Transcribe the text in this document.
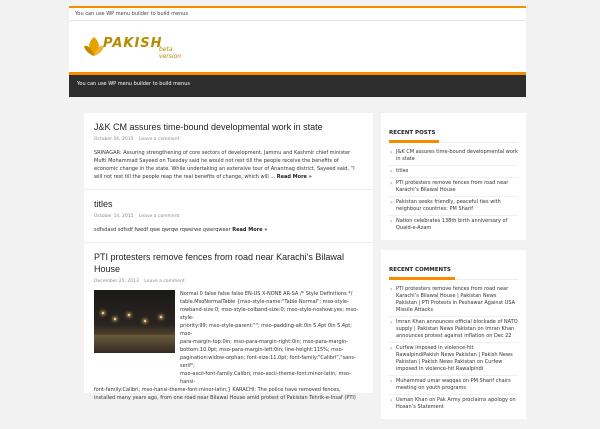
You can use WP menu builder to build menus
PAKISH
beta version
You can use WP menu builder to build menus
J&K CM assures time-bound developmental work in state
October 16, 2015 Leave a comment
SRINAGAR: Assuring strengthening of core sectors of development, Jammu and Kashmir chief minister Mufti Mohammad Sayeed on Tuesday said he would not rest till the people receive the benefits of economic change in the state. While undertaking an extensive tour of Anantnag district, Sayeed said, “I will not rest till the people reap the real benefits of change, which will ... Read More »
titles
October 14, 2015 Leave a comment
sdfsdasd sdfsdf fwedf qwe qwrqw rqwerwe qwerqweer Read More »
PTI protesters remove fences from road near Karachi’s Bilawal House
December 25, 2013 Leave a comment
Normal 0 false false false EN-US X-NONE AR-SA /* Style Definitions */
table.MsoNormalTable {mso-style-name:"Table Normal"; mso-style-
rowband-size:0; mso-style-colband-size:0; mso-style-noshow:yes; mso-style-
priority:99; mso-style-parent:""; mso-padding-alt:0in 5.4pt 0in 5.4pt; mso-
para-margin-top:0in; mso-para-margin-right:0in; mso-para-margin-
bottom:10.0pt; mso-para-margin-left:0in; line-height:115%; mso-
pagination:widow-orphan; font-size:11.0pt; font-family:"Calibri","sans-serif";
mso-ascii-font-family:Calibri; mso-ascii-theme-font:minor-latin; mso-hansi-
font-family:Calibri; mso-hansi-theme-font:minor-latin;} KARACHI: The police have removed fences,
installed many years ago, from one road near Bilawal House amid protest of Pakistan Tehrik-e-Insaf (PTI)
RECENT POSTS
› J&K CM assures time-bound developmental work in state
› titles
› PTI protesters remove fences from road near Karachi’s Bilawal House
› Pakistan seeks friendly, peaceful ties with neighbour countries: PM Sharif
› Nation celebrates 138th birth anniversary of Quaid-e-Azam
RECENT COMMENTS
› PTI protesters remove fences from road near Karachi’s Bilawal House | Pakistan News Pakistan | PTI Protests in Peshawar Against USA Missile Attacks
› Imran Khan announces official blockade of NATO supply | Pakistan News Pakistan on Imran Khan announces protest against inflation on Dec 22
› Curfew imposed in violence-hit RawalpindiPakish News Pakistan | Pakish News Pakistan | Pakish News Pakistan on Curfew imposed in violence-hit Rawalpindi
› Muhammad umar waqqas on PM Sharif chairs meeting on youth programs
› Usman Khan on Pak Army proclaims apology on Hosan’s Statement
